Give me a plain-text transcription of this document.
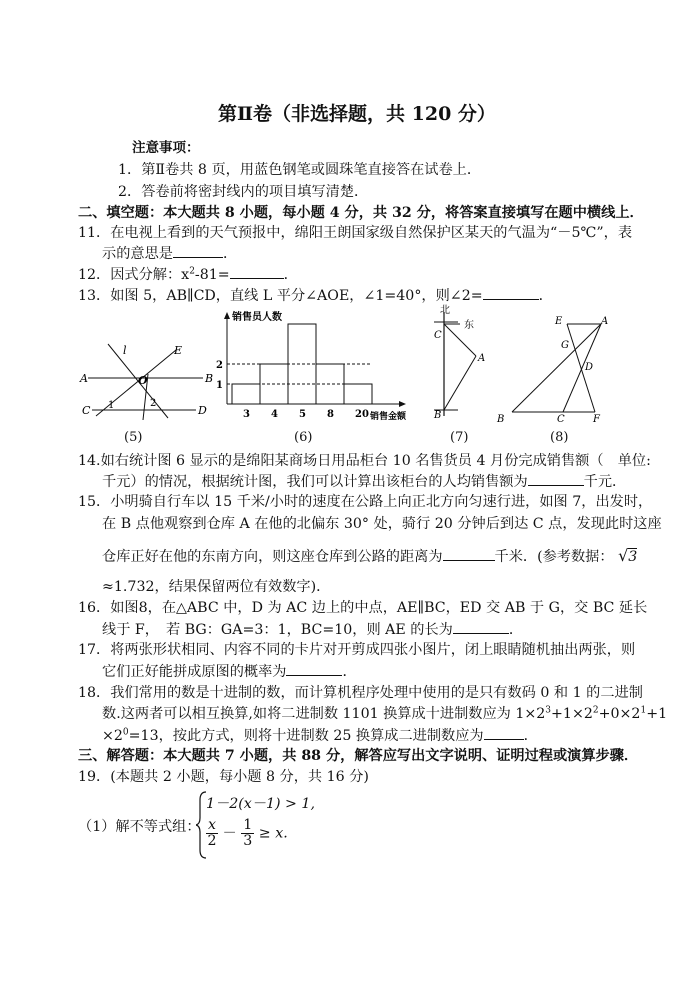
第Ⅱ卷（非选择题，共 120 分）
注意事项：
1．第Ⅱ卷共 8 页，用蓝色钢笔或圆珠笔直接答在试卷上．
2．答卷前将密封线内的项目填写清楚．
二、填空题：本大题共 8 小题，每小题 4 分，共 32 分，将答案直接填写在题中横线上．
11．在电视上看到的天气预报中，绵阳王朗国家级自然保护区某天的气温为“－5℃”，表
示的意思是	．
12．因式分解：$x^2-81=$	．
13．如图 5，AB∥CD，直线 L 平分∠AOE，∠1=40°，则∠2=	．
l	E
A	O	B
1	2
C	D
(5)
销售员人数
销售金额
3 4 5 8 20
1
2
(6)
北
东
C
A
B
(7)
E	A
G
D
B	C	F
(8)
14.如右统计图 6 显示的是绵阳某商场日用品柜台 10 名售货员 4 月份完成销售额（　单位:
千元）的情况，根据统计图，我们可以计算出该柜台的人均销售额为	千元．
15．小明骑自行车以 15 千米/小时的速度在公路上向正北方向匀速行进，如图 7，出发时，
在 B 点他观察到仓库 A 在他的北偏东 30° 处，骑行 20 分钟后到达 C 点，发现此时这座
仓库正好在他的东南方向，则这座仓库到公路的距离为	千米．(参考数据： √3
≈1.732，结果保留两位有效数字)．
16．如图8，在△ABC 中，D 为 AC 边上的中点，AE∥BC，ED 交 AB 于 G，交 BC 延长
线于 F，　若 BG：GA=3：1，BC=10，则 AE 的长为	．
17．将两张形状相同、内容不同的卡片对开剪成四张小图片，闭上眼睛随机抽出两张，则
它们正好能拼成原图的概率为	．
18．我们常用的数是十进制的数，而计算机程序处理中使用的是只有数码 0 和 1 的二进制
数.这两者可以相互换算,如将二进制数 1101 换算成十进制数应为 $1\times 2^3+1\times 2^2+0\times 2^1+1$
$\times 2^0=13$，按此方式，则将十进制数 25 换算成二进制数应为	．
三、解答题：本大题共 7 小题，共 88 分，解答应写出文字说明、证明过程或演算步骤．
19．(本题共 2 小题，每小题 8 分，共 16 分)
（1）解不等式组：
1－2(x－1) > 1,
$\frac{x}{2} - \frac{1}{3} \ge x$.
